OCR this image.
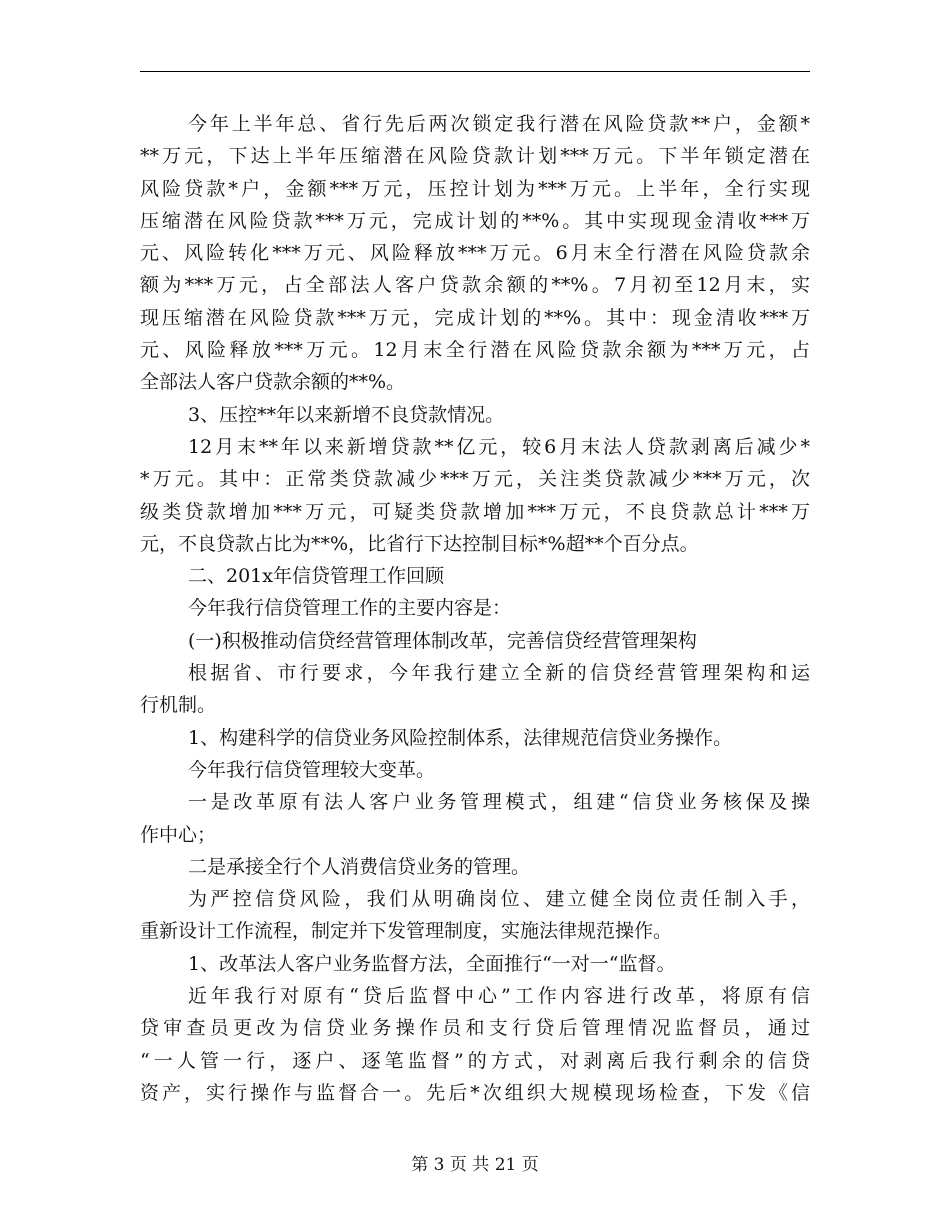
今年上半年总、省行先后两次锁定我行潜在风险贷款**户，金额*
**万元，下达上半年压缩潜在风险贷款计划***万元。下半年锁定潜在
风险贷款*户，金额***万元，压控计划为***万元。上半年，全行实现
压缩潜在风险贷款***万元，完成计划的**%。其中实现现金清收***万
元、风险转化***万元、风险释放***万元。6月末全行潜在风险贷款余
额为***万元，占全部法人客户贷款余额的**%。7月初至12月末，实
现压缩潜在风险贷款***万元，完成计划的**%。其中：现金清收***万
元、风险释放***万元。12月末全行潜在风险贷款余额为***万元，占
全部法人客户贷款余额的**%。
3、压控**年以来新增不良贷款情况。
12月末**年以来新增贷款**亿元，较6月末法人贷款剥离后减少*
*万元。其中：正常类贷款减少***万元，关注类贷款减少***万元，次
级类贷款增加***万元，可疑类贷款增加***万元，不良贷款总计***万
元，不良贷款占比为**%，比省行下达控制目标*%超**个百分点。
二、201x年信贷管理工作回顾
今年我行信贷管理工作的主要内容是：
(一)积极推动信贷经营管理体制改革，完善信贷经营管理架构
根据省、市行要求，今年我行建立全新的信贷经营管理架构和运
行机制。
1、构建科学的信贷业务风险控制体系，法律规范信贷业务操作。
今年我行信贷管理较大变革。
一是改革原有法人客户业务管理模式，组建“信贷业务核保及操
作中心；
二是承接全行个人消费信贷业务的管理。
为严控信贷风险，我们从明确岗位、建立健全岗位责任制入手，
重新设计工作流程，制定并下发管理制度，实施法律规范操作。
1、改革法人客户业务监督方法，全面推行“一对一“监督。
近年我行对原有“贷后监督中心”工作内容进行改革，将原有信
贷审查员更改为信贷业务操作员和支行贷后管理情况监督员，通过
“一人管一行，逐户、逐笔监督”的方式，对剥离后我行剩余的信贷
资产，实行操作与监督合一。先后*次组织大规模现场检查，下发《信
第 3 页 共 21 页
